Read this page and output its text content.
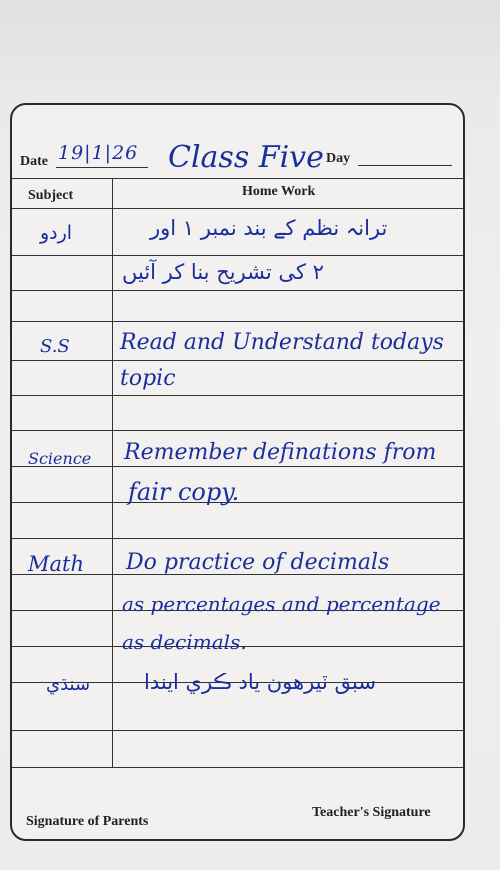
Date 19|1|26 Class Five Day
Subject	Home Work
اردو	ترانہ نظم کے بند نمبر ۱ اور
۲ کی تشریح بنا کر آئیں
S.S Read and Understand todays
topic
Science Remember definations from
fair copy.
Math Do practice of decimals
as percentages and percentage
as decimals.
سنڌي	سبق ٽيرهون ياد ڪري ايندا
Signature of Parents
Teacher's Signature
